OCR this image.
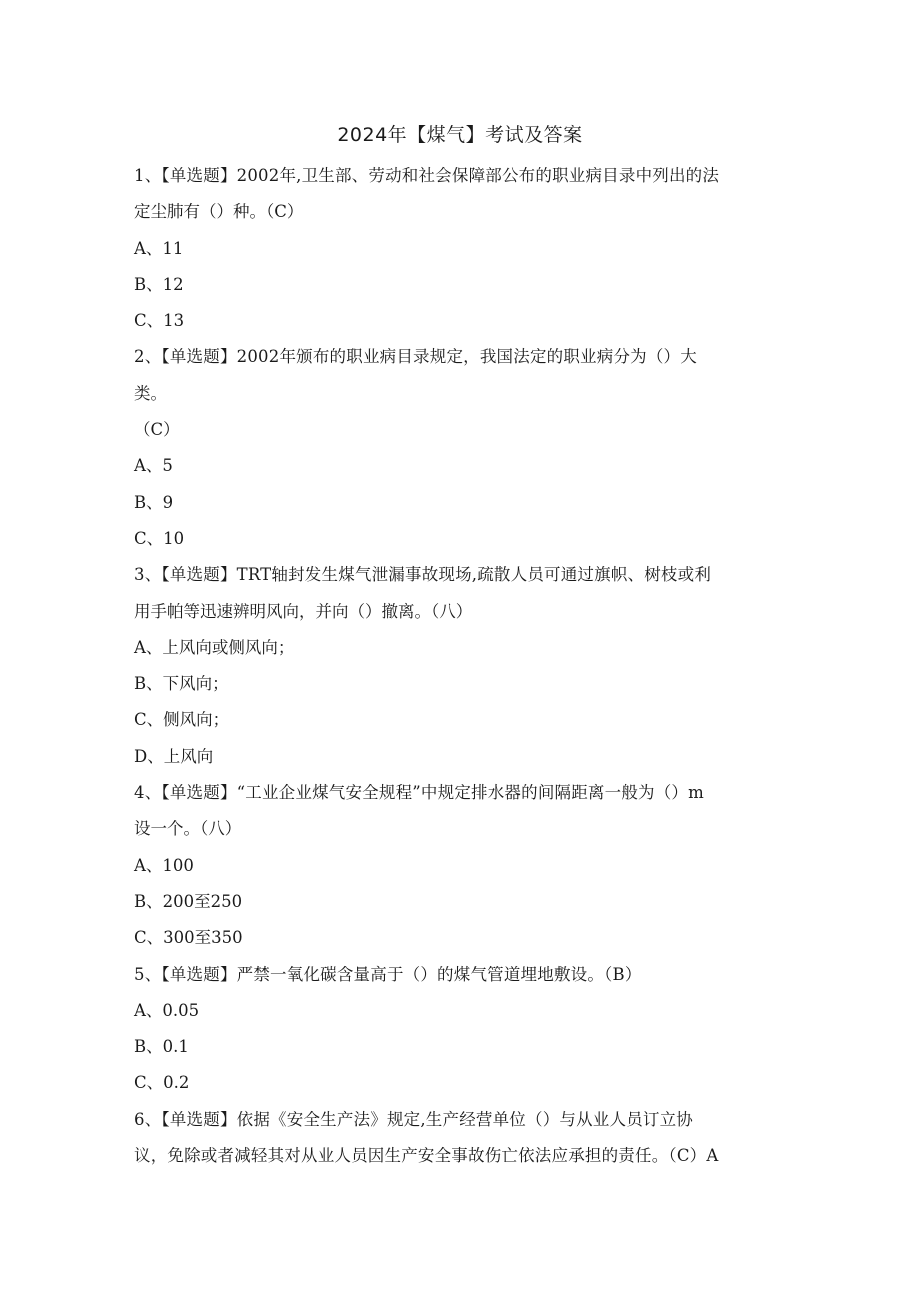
2024年【煤气】考试及答案
1、【单选题】2002年,卫生部、劳动和社会保障部公布的职业病目录中列出的法
定尘肺有（）种。（C）
A、11
B、12
C、13
2、【单选题】2002年颁布的职业病目录规定，我国法定的职业病分为（）大
类。
（C）
A、5
B、9
C、10
3、【单选题】TRT轴封发生煤气泄漏事故现场,疏散人员可通过旗帜、树枝或利
用手帕等迅速辨明风向，并向（）撤离。（八）
A、上风向或侧风向；
B、下风向；
C、侧风向；
D、上风向
4、【单选题】“工业企业煤气安全规程”中规定排水器的间隔距离一般为（）m
设一个。（八）
A、100
B、200至250
C、300至350
5、【单选题】严禁一氧化碳含量高于（）的煤气管道埋地敷设。（B）
A、0.05
B、0.1
C、0.2
6、【单选题】依据《安全生产法》规定,生产经营单位（）与从业人员订立协
议，免除或者减轻其对从业人员因生产安全事故伤亡依法应承担的责任。（C）A
